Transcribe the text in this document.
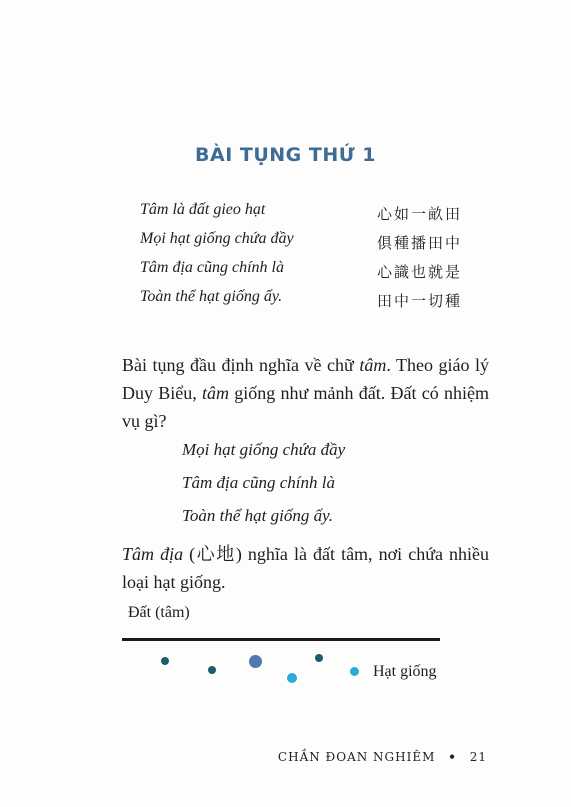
BÀI TỤNG THỨ 1
Tâm là đất gieo hạt
Mọi hạt giống chứa đầy
Tâm địa cũng chính là
Toàn thể hạt giống ấy.
心如一畝田
俱種播田中
心識也就是
田中一切種
Bài tụng đầu định nghĩa về chữ tâm. Theo giáo lý Duy Biểu, tâm giống như mảnh đất. Đất có nhiệm vụ gì?
Mọi hạt giống chứa đầy
Tâm địa cũng chính là
Toàn thể hạt giống ấy.
Tâm địa (心地) nghĩa là đất tâm, nơi chứa nhiều loại hạt giống.
Đất (tâm)
Hạt giống
CHẦN ĐOAN NGHIÊM • 21
